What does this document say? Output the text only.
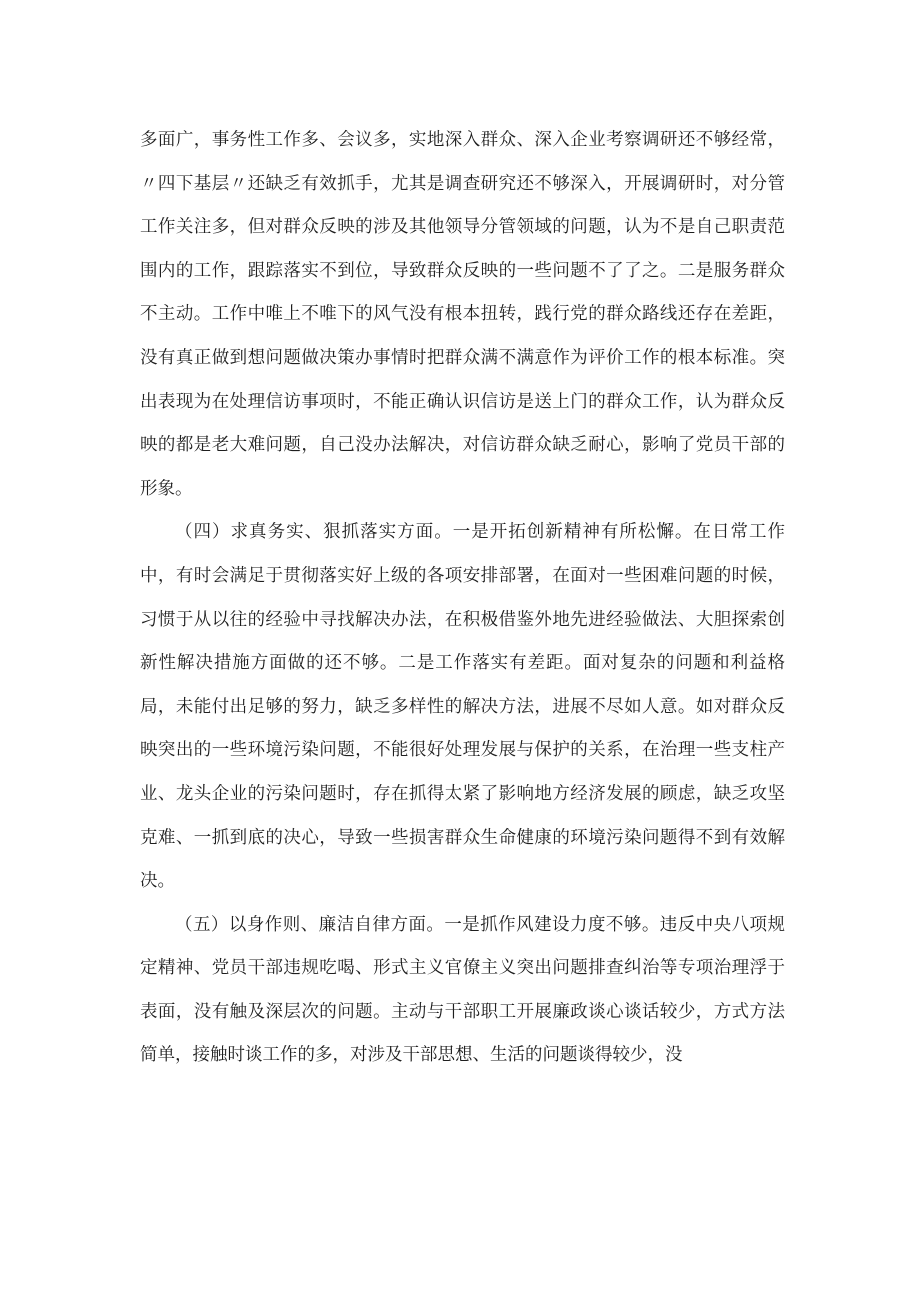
多面广，事务性工作多、会议多，实地深入群众、深入企业考察调研还不够经常，〃四下基层〃还缺乏有效抓手，尤其是调查研究还不够深入，开展调研时，对分管工作关注多，但对群众反映的涉及其他领导分管领域的问题，认为不是自己职责范围内的工作，跟踪落实不到位，导致群众反映的一些问题不了了之。二是服务群众不主动。工作中唯上不唯下的风气没有根本扭转，践行党的群众路线还存在差距，没有真正做到想问题做决策办事情时把群众满不满意作为评价工作的根本标准。突出表现为在处理信访事项时，不能正确认识信访是送上门的群众工作，认为群众反映的都是老大难问题，自己没办法解决，对信访群众缺乏耐心，影响了党员干部的形象。

（四）求真务实、狠抓落实方面。一是开拓创新精神有所松懈。在日常工作中，有时会满足于贯彻落实好上级的各项安排部署，在面对一些困难问题的时候，习惯于从以往的经验中寻找解决办法，在积极借鉴外地先进经验做法、大胆探索创新性解决措施方面做的还不够。二是工作落实有差距。面对复杂的问题和利益格局，未能付出足够的努力，缺乏多样性的解决方法，进展不尽如人意。如对群众反映突出的一些环境污染问题，不能很好处理发展与保护的关系，在治理一些支柱产业、龙头企业的污染问题时，存在抓得太紧了影响地方经济发展的顾虑，缺乏攻坚克难、一抓到底的决心，导致一些损害群众生命健康的环境污染问题得不到有效解决。

（五）以身作则、廉洁自律方面。一是抓作风建设力度不够。违反中央八项规定精神、党员干部违规吃喝、形式主义官僚主义突出问题排查纠治等专项治理浮于表面，没有触及深层次的问题。主动与干部职工开展廉政谈心谈话较少，方式方法简单，接触时谈工作的多，对涉及干部思想、生活的问题谈得较少，没
